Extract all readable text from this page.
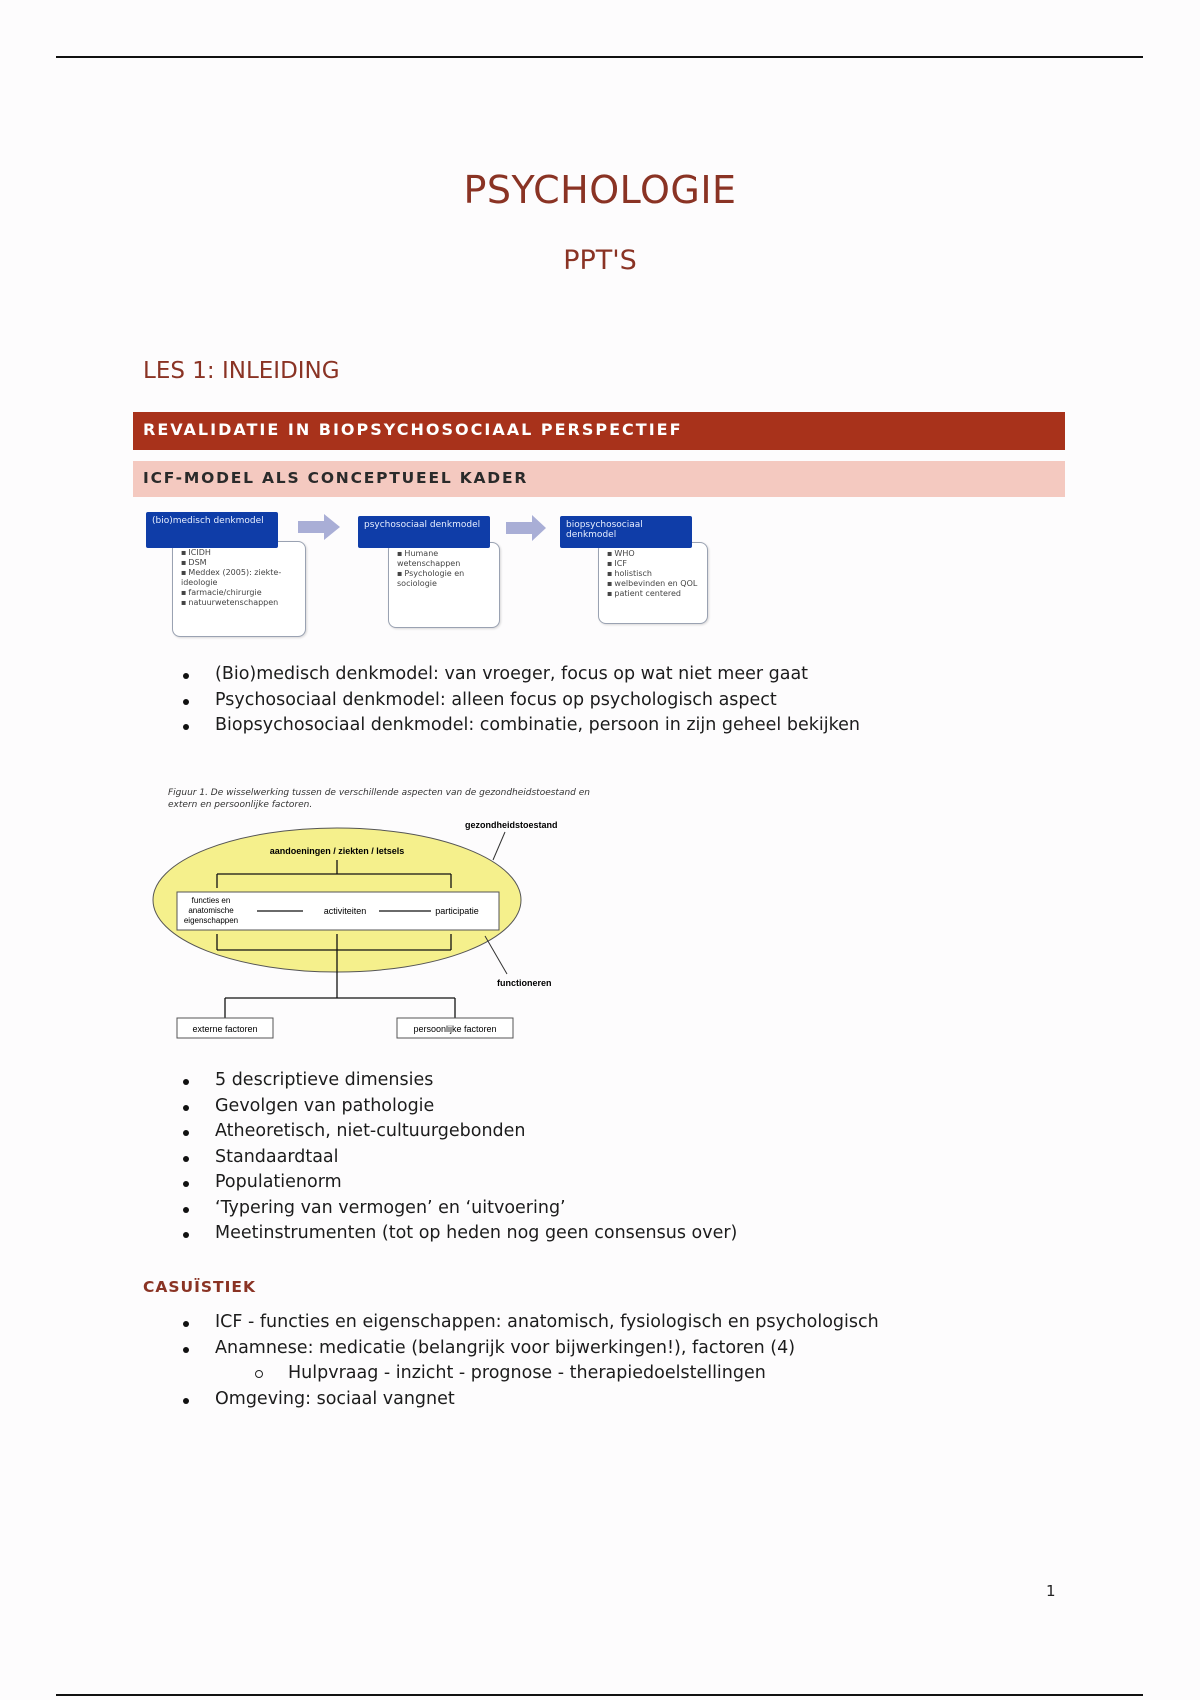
PSYCHOLOGIE
PPT'S
LES 1: INLEIDING
REVALIDATIE IN BIOPSYCHOSOCIAAL PERSPECTIEF
ICF-MODEL ALS CONCEPTUEEL KADER
▪ ICIDH
▪ DSM
▪ Meddex (2005): ziekte-ideologie
▪ farmacie/chirurgie
▪ natuurwetenschappen
(bio)medisch denkmodel
▪ Humane wetenschappen
▪ Psychologie en sociologie
psychosociaal denkmodel
▪ WHO
▪ ICF
▪ holistisch
▪ welbevinden en QOL
▪ patient centered
biopsychosociaal denkmodel
(Bio)medisch denkmodel: van vroeger, focus op wat niet meer gaat
Psychosociaal denkmodel: alleen focus op psychologisch aspect
Biopsychosociaal denkmodel: combinatie, persoon in zijn geheel bekijken
Figuur 1. De wisselwerking tussen de verschillende aspecten van de gezondheidstoestand en extern en persoonlijke factoren.
gezondheidstoestand
aandoeningen / ziekten / letsels
functies en anatomische eigenschappen
activiteiten	participatie
functioneren
externe factoren	persoonlijke factoren
5 descriptieve dimensies
Gevolgen van pathologie
Atheoretisch, niet-cultuurgebonden
Standaardtaal
Populatienorm
‘Typering van vermogen’ en ‘uitvoering’
Meetinstrumenten (tot op heden nog geen consensus over)
CASUÏSTIEK
ICF - functies en eigenschappen: anatomisch, fysiologisch en psychologisch
Anamnese: medicatie (belangrijk voor bijwerkingen!), factoren (4)
Hulpvraag - inzicht - prognose - therapiedoelstellingen
Omgeving: sociaal vangnet
1
